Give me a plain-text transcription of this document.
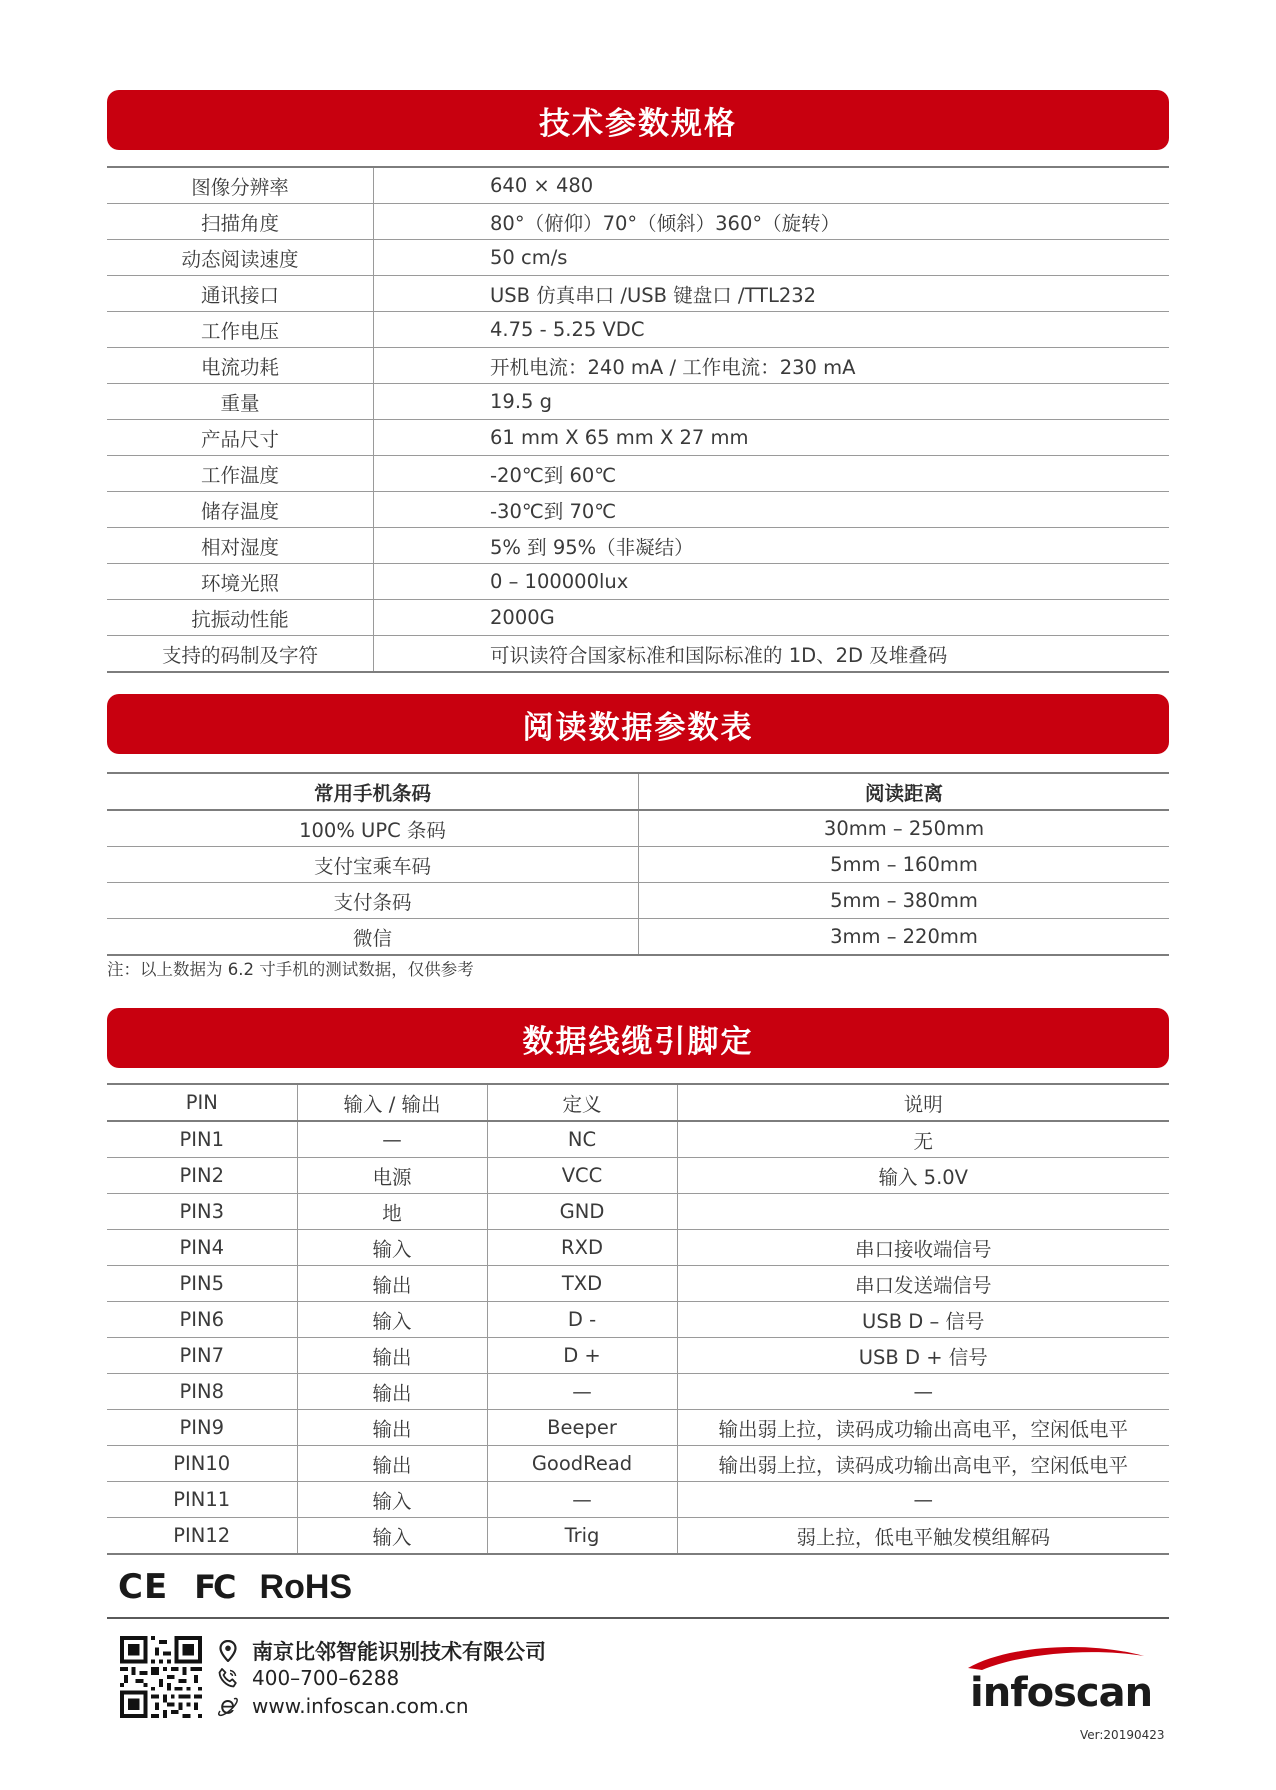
技术参数规格
图像分辨率	640 × 480
扫描角度	80°（俯仰）70°（倾斜）360°（旋转）
动态阅读速度	50 cm/s
通讯接口	USB 仿真串口 /USB 键盘口 /TTL232
工作电压	4.75 - 5.25 VDC
电流功耗	开机电流：240 mA / 工作电流：230 mA
重量	19.5 g
产品尺寸	61 mm X 65 mm X 27 mm
工作温度	-20℃到 60℃
储存温度	-30℃到 70℃
相对湿度	5% 到 95%（非凝结）
环境光照	0 – 100000lux
抗振动性能	2000G
支持的码制及字符	可识读符合国家标准和国际标准的 1D、2D 及堆叠码
阅读数据参数表
常用手机条码	阅读距离
100% UPC 条码	30mm – 250mm
支付宝乘车码	5mm – 160mm
支付条码	5mm – 380mm
微信	3mm – 220mm
注：以上数据为 6.2 寸手机的测试数据，仅供参考
数据线缆引脚定
PIN	输入 / 输出	定义	说明
PIN1	—	NC	无
PIN2	电源	VCC	输入 5.0V
PIN3	地	GND	
PIN4	输入	RXD	串口接收端信号
PIN5	输出	TXD	串口发送端信号
PIN6	输入	D -	USB D – 信号
PIN7	输出	D +	USB D + 信号
PIN8	输出	—	—
PIN9	输出	Beeper	输出弱上拉，读码成功输出高电平，空闲低电平
PIN10	输出	GoodRead	输出弱上拉，读码成功输出高电平，空闲低电平
PIN11	输入	—	—
PIN12	输入	Trig	弱上拉，低电平触发模组解码
CE FC RoHS
南京比邻智能识别技术有限公司
400–700–6288
www.infoscan.com.cn	infoscan
Ver:20190423
